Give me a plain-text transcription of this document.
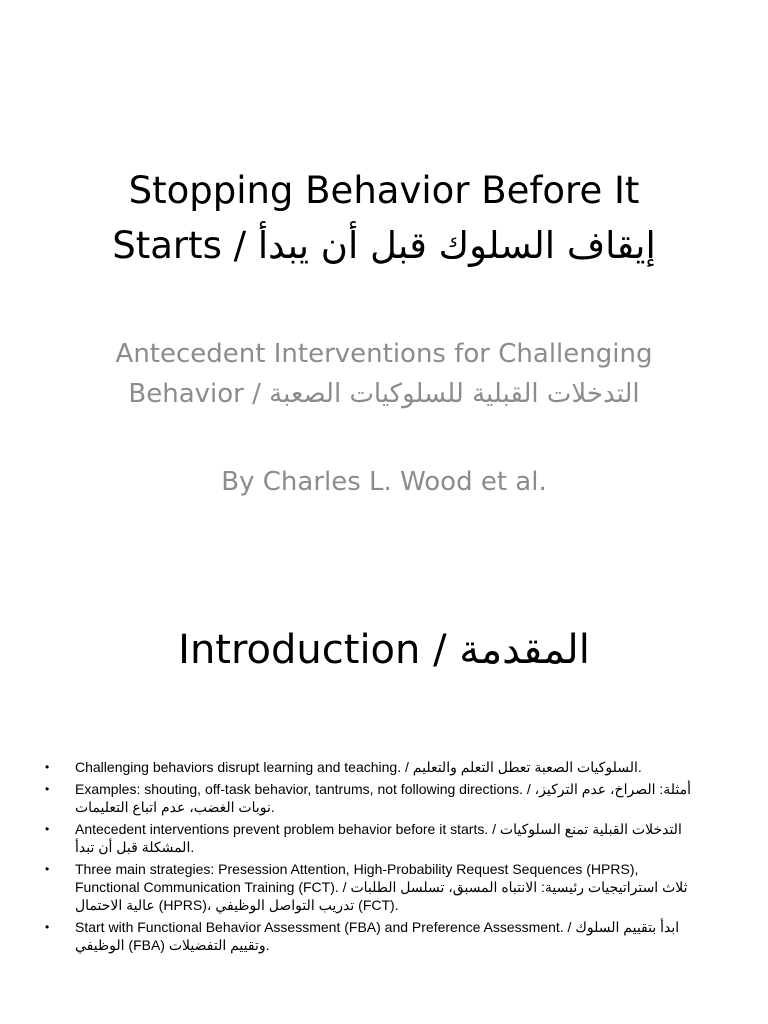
Stopping Behavior Before It Starts / إيقاف السلوك قبل أن يبدأ

Antecedent Interventions for Challenging Behavior / التدخلات القبلية للسلوكيات الصعبة

By Charles L. Wood et al.

Introduction / المقدمة
• Challenging behaviors disrupt learning and teaching. / السلوكيات الصعبة تعطل التعلم والتعليم.
• Examples: shouting, off-task behavior, tantrums, not following directions. / أمثلة: الصراخ، عدم التركيز، نوبات الغضب، عدم اتباع التعليمات.
• Antecedent interventions prevent problem behavior before it starts. / التدخلات القبلية تمنع السلوكيات المشكلة قبل أن تبدأ.
• Three main strategies: Presession Attention, High-Probability Request Sequences (HPRS), Functional Communication Training (FCT). / ثلاث استراتيجيات رئيسية: الانتباه المسبق، تسلسل الطلبات عالية الاحتمال (HPRS)، تدريب التواصل الوظيفي (FCT).
• Start with Functional Behavior Assessment (FBA) and Preference Assessment. / ابدأ بتقييم السلوك الوظيفي (FBA) وتقييم التفضيلات.
